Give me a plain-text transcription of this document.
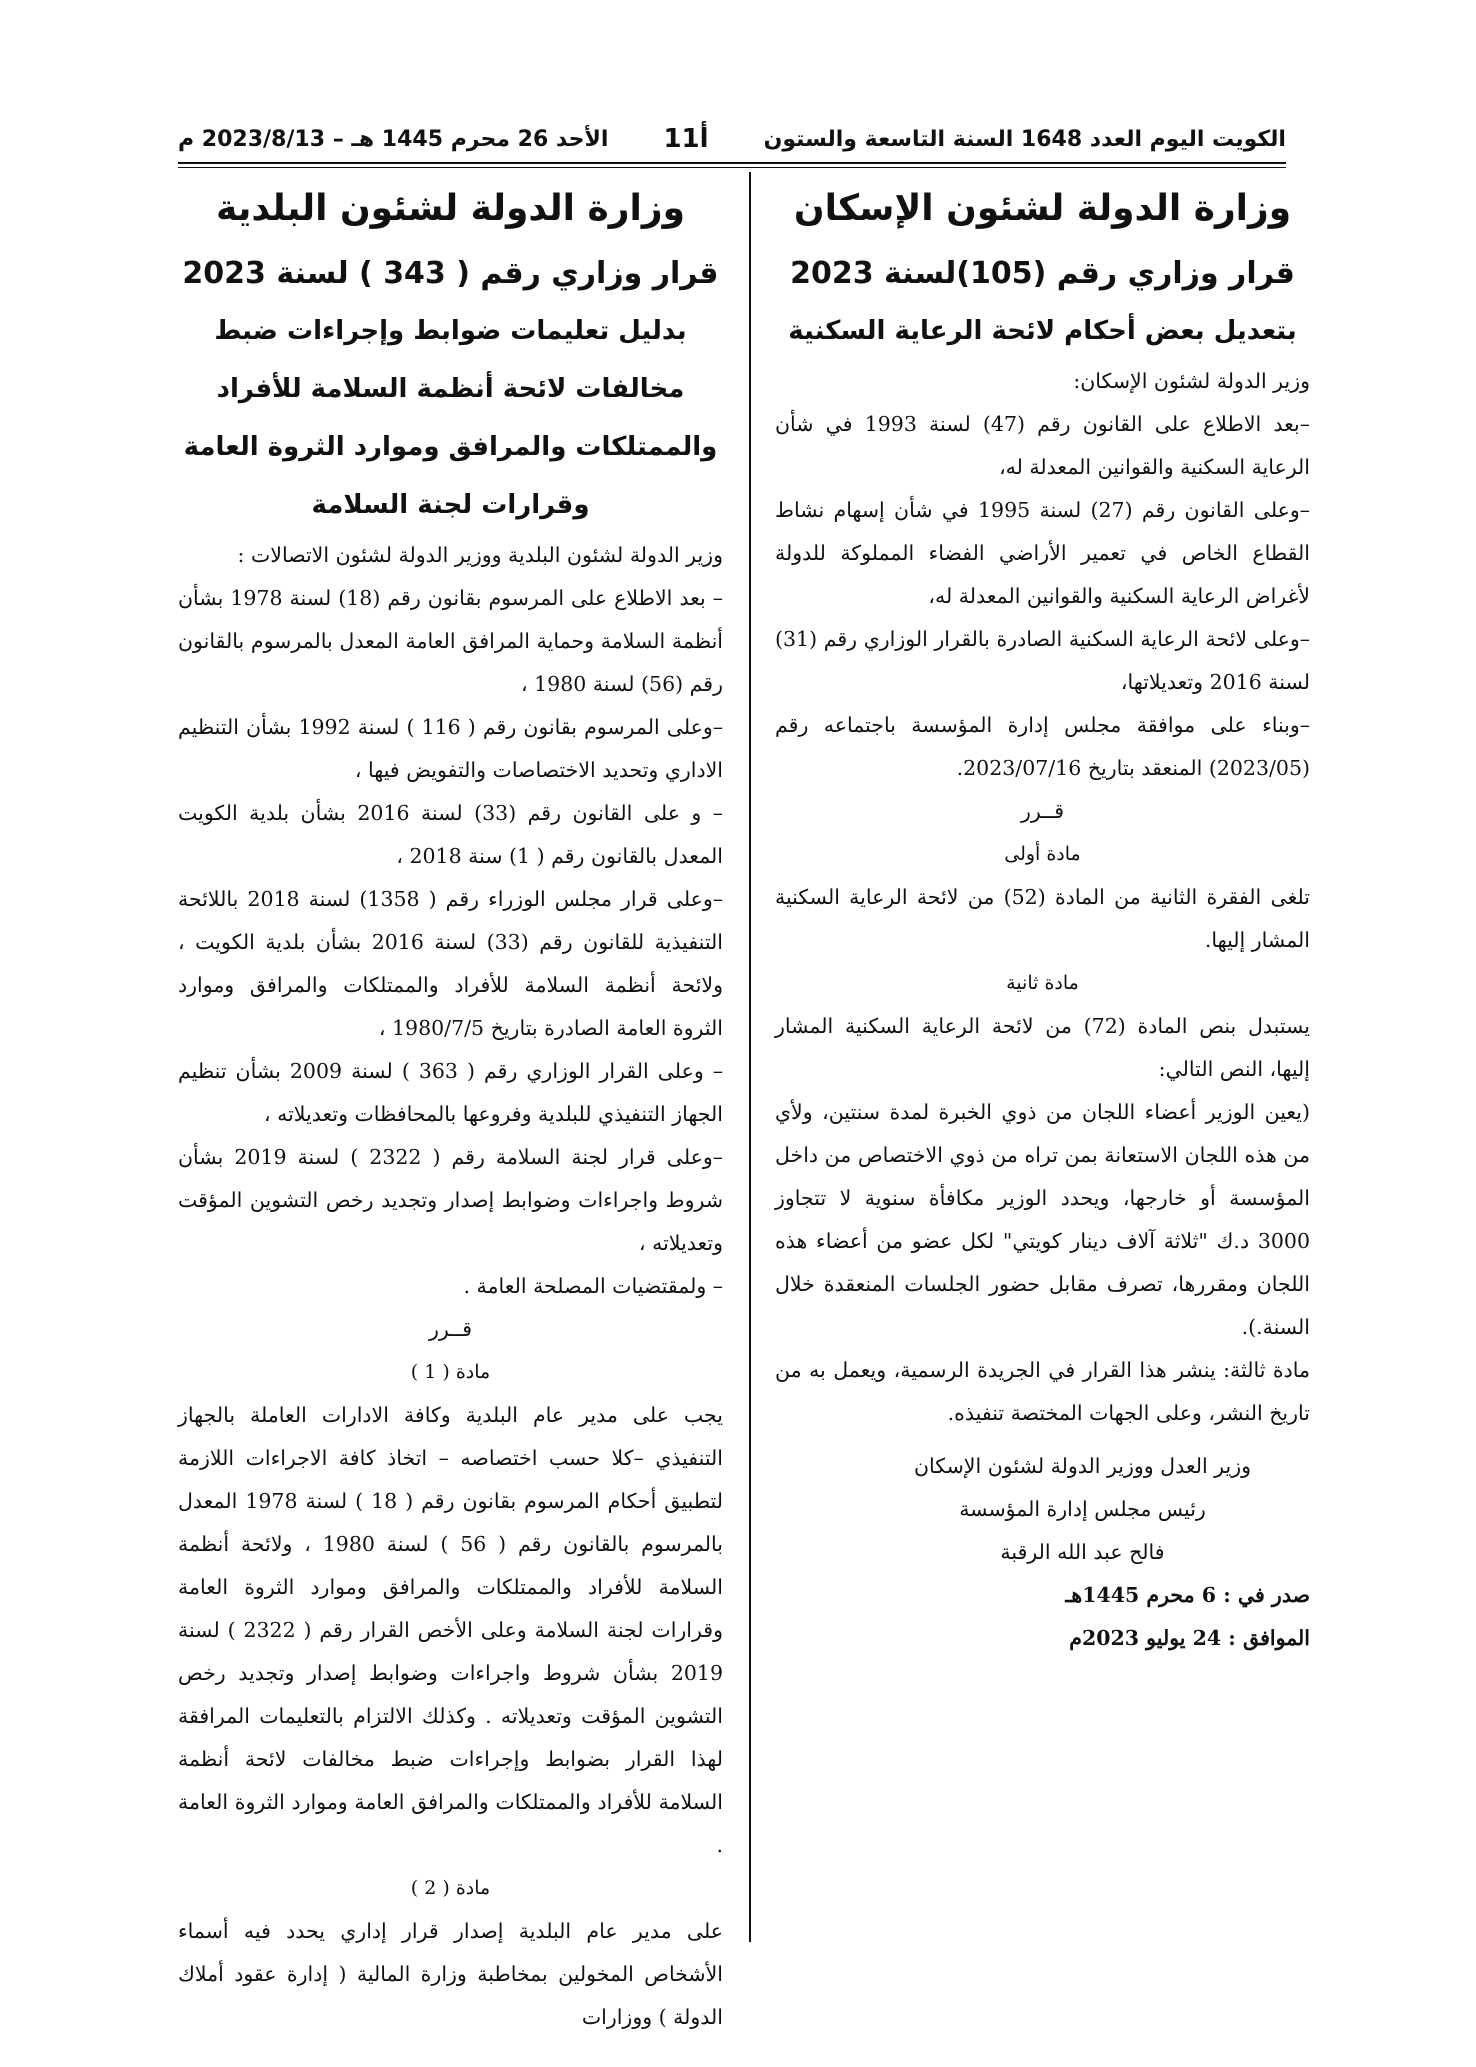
الكويت اليوم العدد 1648 السنة التاسعة والستون
أ11
الأحد 26 محرم 1445 هـ – 2023/8/13 م
وزارة الدولة لشئون الإسكان
قرار وزاري رقم (105)لسنة 2023
بتعديل بعض أحكام لائحة الرعاية السكنية

وزير الدولة لشئون الإسكان:

–بعد الاطلاع على القانون رقم (47) لسنة 1993 في شأن الرعاية السكنية والقوانين المعدلة له،

–وعلى القانون رقم (27) لسنة 1995 في شأن إسهام نشاط القطاع الخاص في تعمير الأراضي الفضاء المملوكة للدولة لأغراض الرعاية السكنية والقوانين المعدلة له،

–وعلى لائحة الرعاية السكنية الصادرة بالقرار الوزاري رقم (31) لسنة 2016 وتعديلاتها،

–وبناء على موافقة مجلس إدارة المؤسسة باجتماعه رقم (2023/05) المنعقد بتاريخ 2023/07/16.

قــرر

مادة أولى

تلغى الفقرة الثانية من المادة (52) من لائحة الرعاية السكنية المشار إليها.

مادة ثانية

يستبدل بنص المادة (72) من لائحة الرعاية السكنية المشار إليها، النص التالي:

(يعين الوزير أعضاء اللجان من ذوي الخبرة لمدة سنتين، ولأي من هذه اللجان الاستعانة بمن تراه من ذوي الاختصاص من داخل المؤسسة أو خارجها، ويحدد الوزير مكافأة سنوية لا تتجاوز 3000 د.ك "ثلاثة آلاف دينار كويتي" لكل عضو من أعضاء هذه اللجان ومقررها، تصرف مقابل حضور الجلسات المنعقدة خلال السنة.).

مادة ثالثة: ينشر هذا القرار في الجريدة الرسمية، ويعمل به من تاريخ النشر، وعلى الجهات المختصة تنفيذه.

وزير العدل ووزير الدولة لشئون الإسكان

رئيس مجلس إدارة المؤسسة

فالح عبد الله الرقبة

صدر في : 6 محرم 1445هـ

الموافق : 24 يوليو 2023م

وزارة الدولة لشئون البلدية
قرار وزاري رقم ( 343 ) لسنة 2023
بدليل تعليمات ضوابط وإجراءات ضبط مخالفات لائحة أنظمة السلامة للأفراد والممتلكات والمرافق وموارد الثروة العامة وقرارات لجنة السلامة

وزير الدولة لشئون البلدية ووزير الدولة لشئون الاتصالات :

– بعد الاطلاع على المرسوم بقانون رقم (18) لسنة 1978 بشأن أنظمة السلامة وحماية المرافق العامة المعدل بالمرسوم بالقانون رقم (56) لسنة 1980 ،

–وعلى المرسوم بقانون رقم ( 116 ) لسنة 1992 بشأن التنظيم الاداري وتحديد الاختصاصات والتفويض فيها ،

– و على القانون رقم (33) لسنة 2016 بشأن بلدية الكويت المعدل بالقانون رقم ( 1) سنة 2018 ،

–وعلى قرار مجلس الوزراء رقم ( 1358) لسنة 2018 باللائحة التنفيذية للقانون رقم (33) لسنة 2016 بشأن بلدية الكويت ، ولائحة أنظمة السلامة للأفراد والممتلكات والمرافق وموارد الثروة العامة الصادرة بتاريخ 1980/7/5 ،

– وعلى القرار الوزاري رقم ( 363 ) لسنة 2009 بشأن تنظيم الجهاز التنفيذي للبلدية وفروعها بالمحافظات وتعديلاته ،

–وعلى قرار لجنة السلامة رقم ( 2322 ) لسنة 2019 بشأن شروط واجراءات وضوابط إصدار وتجديد رخص التشوين المؤقت وتعديلاته ،

– ولمقتضيات المصلحة العامة .

قــرر

مادة ( 1 )

يجب على مدير عام البلدية وكافة الادارات العاملة بالجهاز التنفيذي –كلا حسب اختصاصه – اتخاذ كافة الاجراءات اللازمة لتطبيق أحكام المرسوم بقانون رقم ( 18 ) لسنة 1978 المعدل بالمرسوم بالقانون رقم ( 56 ) لسنة 1980 ، ولائحة أنظمة السلامة للأفراد والممتلكات والمرافق وموارد الثروة العامة وقرارات لجنة السلامة وعلى الأخص القرار رقم ( 2322 ) لسنة 2019 بشأن شروط واجراءات وضوابط إصدار وتجديد رخص التشوين المؤقت وتعديلاته . وكذلك الالتزام بالتعليمات المرافقة لهذا القرار بضوابط وإجراءات ضبط مخالفات لائحة أنظمة السلامة للأفراد والممتلكات والمرافق العامة وموارد الثروة العامة .

مادة ( 2 )

على مدير عام البلدية إصدار قرار إداري يحدد فيه أسماء الأشخاص المخولين بمخاطبة وزارة المالية ( إدارة عقود أملاك الدولة ) ووزارات
